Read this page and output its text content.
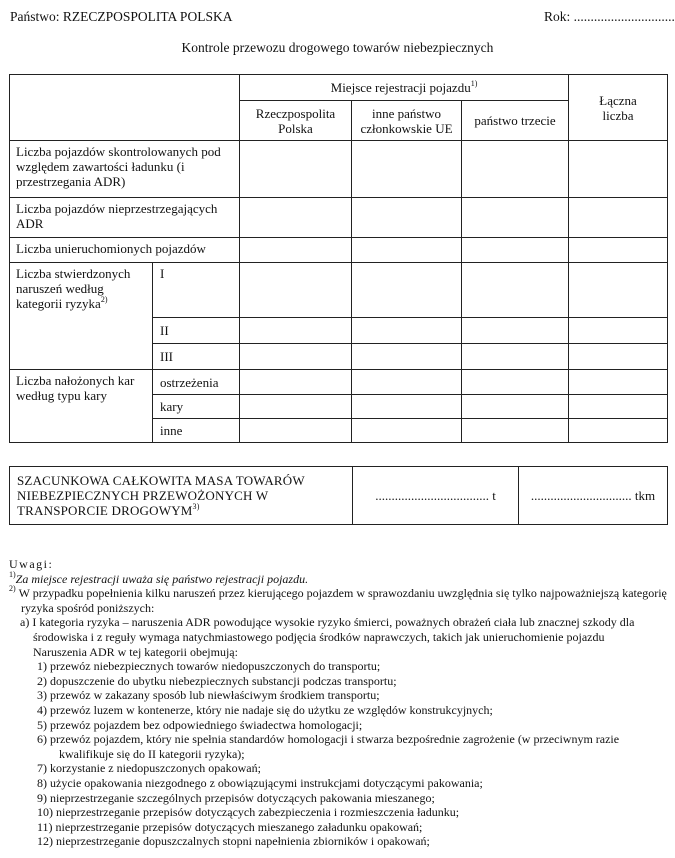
Państwo: RZECZPOSPOLITA POLSKA	Rok: ..............................
Kontrole przewozu drogowego towarów niebezpiecznych
		Miejsce rejestracji pojazdu$^{1)}$			Łączna liczba
		Rzeczpospolita Polska	inne państwo członkowskie UE	państwo trzecie	
Liczba pojazdów skontrolowanych pod względem zawartości ładunku (i przestrzegania ADR)					
Liczba pojazdów nieprzestrzegających ADR					
Liczba unieruchomionych pojazdów					
Liczba stwierdzonych naruszeń według kategorii ryzyka$^{2)}$	I				
	II				
	III				
Liczba nałożonych kar według typu kary	ostrzeżenia				
	kary				
	inne				
SZACUNKOWA CAŁKOWITA MASA TOWARÓW NIEBEZPIECZNYCH PRZEWOŻONYCH W TRANSPORCIE DROGOWYM$^{3)}$	................................... t	............................... tkm
Uwagi:
$^{1)}$Za miejsce rejestracji uważa się państwo rejestracji pojazdu.
$^{2)}$ W przypadku popełnienia kilku naruszeń przez kierującego pojazdem w sprawozdaniu uwzględnia się tylko najpoważniejszą kategorię ryzyka spośród poniższych:
a) I kategoria ryzyka – naruszenia ADR powodujące wysokie ryzyko śmierci, poważnych obrażeń ciała lub znacznej szkody dla środowiska i z reguły wymaga natychmiastowego podjęcia środków naprawczych, takich jak unieruchomienie pojazdu
Naruszenia ADR w tej kategorii obejmują:
1) przewóz niebezpiecznych towarów niedopuszczonych do transportu;
2) dopuszczenie do ubytku niebezpiecznych substancji podczas transportu;
3) przewóz w zakazany sposób lub niewłaściwym środkiem transportu;
4) przewóz luzem w kontenerze, który nie nadaje się do użytku ze względów konstrukcyjnych;
5) przewóz pojazdem bez odpowiedniego świadectwa homologacji;
6) przewóz pojazdem, który nie spełnia standardów homologacji i stwarza bezpośrednie zagrożenie (w przeciwnym razie kwalifikuje się do II kategorii ryzyka);
7) korzystanie z niedopuszczonych opakowań;
8) użycie opakowania niezgodnego z obowiązującymi instrukcjami dotyczącymi pakowania;
9) nieprzestrzeganie szczególnych przepisów dotyczących pakowania mieszanego;
10) nieprzestrzeganie przepisów dotyczących zabezpieczenia i rozmieszczenia ładunku;
11) nieprzestrzeganie przepisów dotyczących mieszanego załadunku opakowań;
12) nieprzestrzeganie dopuszczalnych stopni napełnienia zbiorników i opakowań;
